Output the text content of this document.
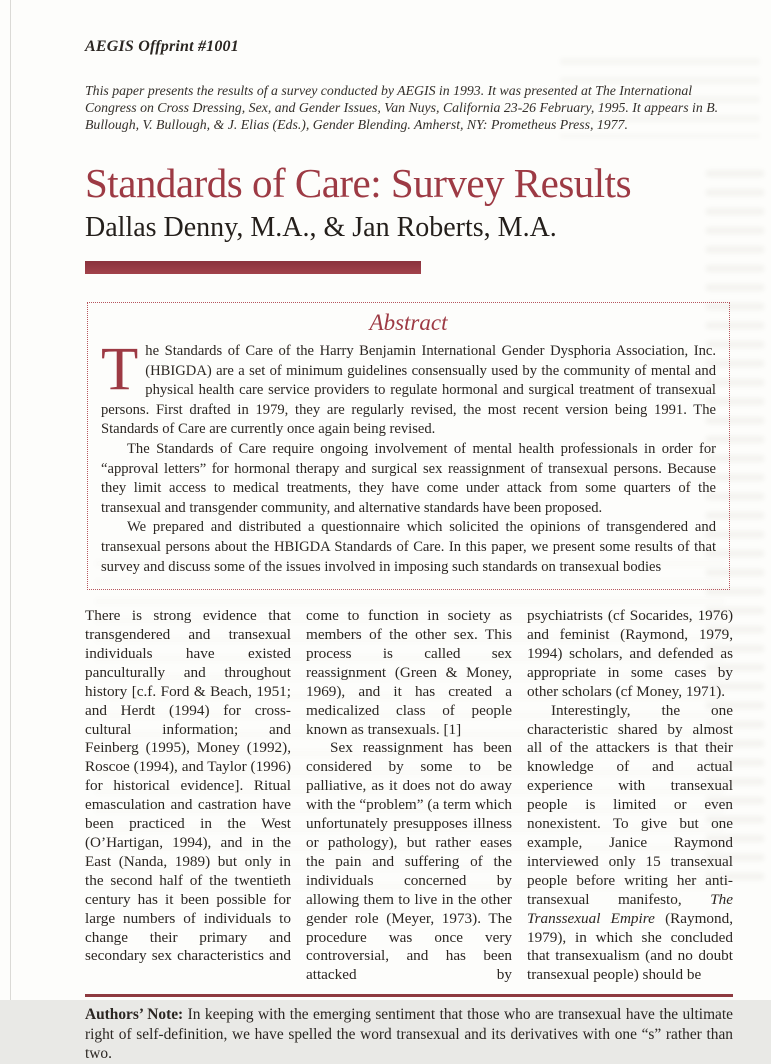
AEGIS Offprint #1001

This paper presents the results of a survey conducted by AEGIS in 1993. It was presented at The International Congress on Cross Dressing, Sex, and Gender Issues, Van Nuys, California 23-26 February, 1995. It appears in B. Bullough, V. Bullough, & J. Elias (Eds.), Gender Blending. Amherst, NY: Prometheus Press, 1977.

Standards of Care: Survey Results

Dallas Denny, M.A., & Jan Roberts, M.A.

Abstract

The Standards of Care of the Harry Benjamin International Gender Dysphoria Association, Inc. (HBIGDA) are a set of minimum guidelines consensually used by the community of mental and physical health care service providers to regulate hormonal and surgical treatment of transexual persons. First drafted in 1979, they are regularly revised, the most recent version being 1991. The Standards of Care are currently once again being revised.

The Standards of Care require ongoing involvement of mental health professionals in order for “approval letters” for hormonal therapy and surgical sex reassignment of transexual persons. Because they limit access to medical treatments, they have come under attack from some quarters of the transexual and transgender community, and alternative standards have been proposed.

We prepared and distributed a questionnaire which solicited the opinions of transgendered and transexual persons about the HBIGDA Standards of Care. In this paper, we present some results of that survey and discuss some of the issues involved in imposing such standards on transexual bodies

There is strong evidence that transgendered and transexual individuals have existed panculturally and throughout history [c.f. Ford & Beach, 1951; and Herdt (1994) for cross-cultural information; and Feinberg (1995), Money (1992), Roscoe (1994), and Taylor (1996) for historical evidence]. Ritual emasculation and castration have been practiced in the West (O’Hartigan, 1994), and in the East (Nanda, 1989) but only in the second half of the twentieth century has it been possible for large numbers of individuals to change their primary and secondary sex characteristics and

come to function in society as members of the other sex. This process is called sex reassignment (Green & Money, 1969), and it has created a medicalized class of people known as transexuals. [1]

Sex reassignment has been considered by some to be palliative, as it does not do away with the “problem” (a term which unfortunately presupposes illness or pathology), but rather eases the pain and suffering of the individuals concerned by allowing them to live in the other gender role (Meyer, 1973). The procedure was once very controversial, and has been attacked by

psychiatrists (cf Socarides, 1976) and feminist (Raymond, 1979, 1994) scholars, and defended as appropriate in some cases by other scholars (cf Money, 1971).

Interestingly, the one characteristic shared by almost all of the attackers is that their knowledge of and actual experience with transexual people is limited or even nonexistent. To give but one example, Janice Raymond interviewed only 15 transexual people before writing her anti-transexual manifesto, The Transsexual Empire (Raymond, 1979), in which she concluded that transexualism (and no doubt transexual people) should be

Authors’ Note: In keeping with the emerging sentiment that those who are transexual have the ultimate right of self-definition, we have spelled the word transexual and its derivatives with one “s” rather than two.
